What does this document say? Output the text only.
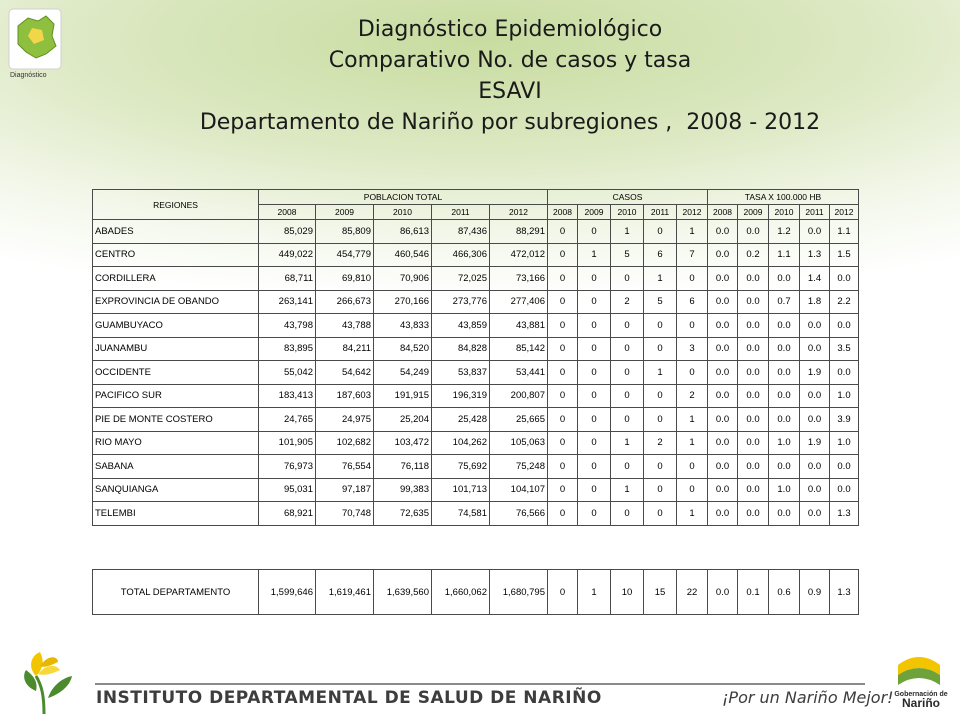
Diagnóstico
Diagnóstico Epidemiológico
Comparativo No. de casos y tasa
ESAVI
Departamento de Nariño por subregiones ,  2008 - 2012
REGIONES	POBLACION TOTAL					CASOS					TASA X 100.000 HB				
	2008	2009	2010	2011	2012	2008	2009	2010	2011	2012	2008	2009	2010	2011	2012
ABADES	85,029	85,809	86,613	87,436	88,291	0	0	1	0	1	0.0	0.0	1.2	0.0	1.1
CENTRO	449,022	454,779	460,546	466,306	472,012	0	1	5	6	7	0.0	0.2	1.1	1.3	1.5
CORDILLERA	68,711	69,810	70,906	72,025	73,166	0	0	0	1	0	0.0	0.0	0.0	1.4	0.0
EXPROVINCIA DE OBANDO	263,141	266,673	270,166	273,776	277,406	0	0	2	5	6	0.0	0.0	0.7	1.8	2.2
GUAMBUYACO	43,798	43,788	43,833	43,859	43,881	0	0	0	0	0	0.0	0.0	0.0	0.0	0.0
JUANAMBU	83,895	84,211	84,520	84,828	85,142	0	0	0	0	3	0.0	0.0	0.0	0.0	3.5
OCCIDENTE	55,042	54,642	54,249	53,837	53,441	0	0	0	1	0	0.0	0.0	0.0	1.9	0.0
PACIFICO SUR	183,413	187,603	191,915	196,319	200,807	0	0	0	0	2	0.0	0.0	0.0	0.0	1.0
PIE DE MONTE COSTERO	24,765	24,975	25,204	25,428	25,665	0	0	0	0	1	0.0	0.0	0.0	0.0	3.9
RIO MAYO	101,905	102,682	103,472	104,262	105,063	0	0	1	2	1	0.0	0.0	1.0	1.9	1.0
SABANA	76,973	76,554	76,118	75,692	75,248	0	0	0	0	0	0.0	0.0	0.0	0.0	0.0
SANQUIANGA	95,031	97,187	99,383	101,713	104,107	0	0	1	0	0	0.0	0.0	1.0	0.0	0.0
TELEMBI	68,921	70,748	72,635	74,581	76,566	0	0	0	0	1	0.0	0.0	0.0	0.0	1.3
TOTAL DEPARTAMENTO	1,599,646	1,619,461	1,639,560	1,660,062	1,680,795	0	1	10	15	22	0.0	0.1	0.6	0.9	1.3
INSTITUTO DEPARTAMENTAL DE SALUD DE NARIÑO	¡Por un Nariño Mejor! Gobernación de
Nariño
